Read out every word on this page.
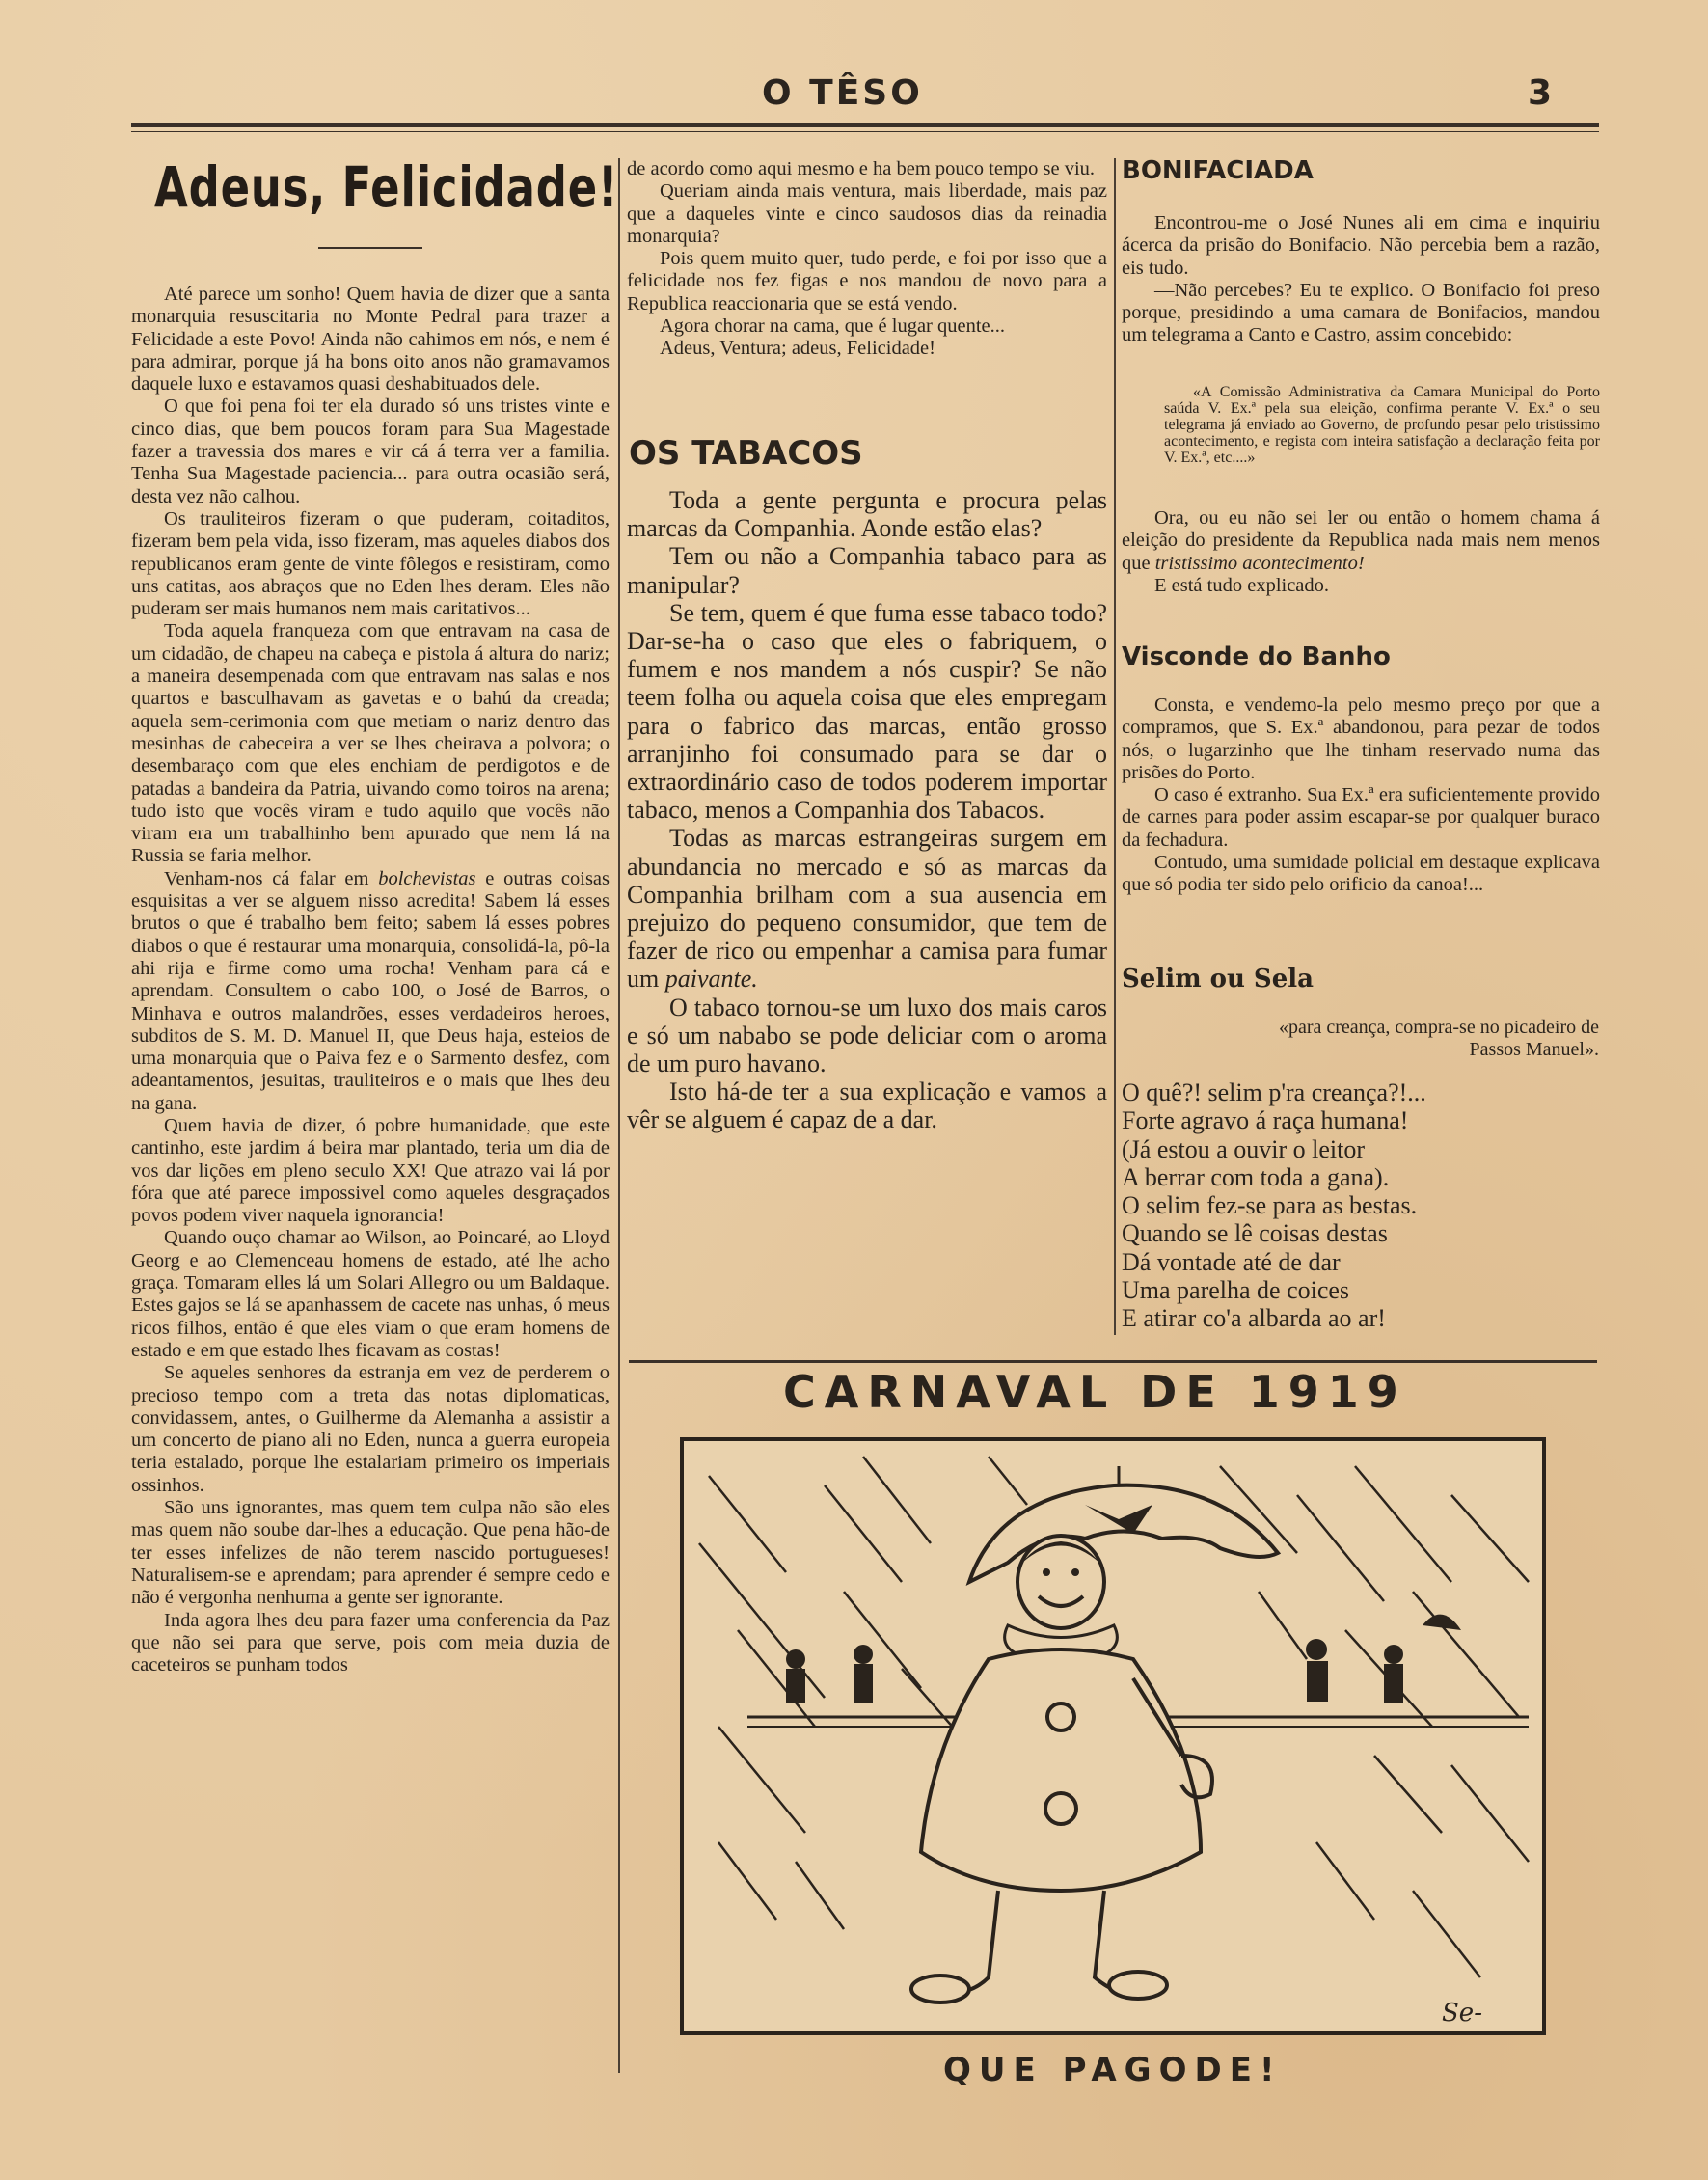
O TÊSO	3
Adeus, Felicidade!

Até parece um sonho! Quem havia de dizer que a santa monarquia resuscitaria no Monte Pedral para trazer a Felicidade a este Povo! Ainda não cahimos em nós, e nem é para admirar, porque já ha bons oito anos não gramavamos daquele luxo e estavamos quasi deshabituados dele.

O que foi pena foi ter ela durado só uns tristes vinte e cinco dias, que bem poucos foram para Sua Magestade fazer a travessia dos mares e vir cá á terra ver a familia. Tenha Sua Magestade paciencia... para outra ocasião será, desta vez não calhou.

Os trauliteiros fizeram o que puderam, coitaditos, fizeram bem pela vida, isso fizeram, mas aqueles diabos dos republicanos eram gente de vinte fôlegos e resistiram, como uns catitas, aos abraços que no Eden lhes deram. Eles não puderam ser mais humanos nem mais caritativos...

Toda aquela franqueza com que entravam na casa de um cidadão, de chapeu na cabeça e pistola á altura do nariz; a maneira desempenada com que entravam nas salas e nos quartos e basculhavam as gavetas e o bahú da creada; aquela sem-cerimonia com que metiam o nariz dentro das mesinhas de cabeceira a ver se lhes cheirava a polvora; o desembaraço com que eles enchiam de perdigotos e de patadas a bandeira da Patria, uivando como toiros na arena; tudo isto que vocês viram e tudo aquilo que vocês não viram era um trabalhinho bem apurado que nem lá na Russia se faria melhor.

Venham-nos cá falar em bolchevistas e outras coisas esquisitas a ver se alguem nisso acredita! Sabem lá esses brutos o que é trabalho bem feito; sabem lá esses pobres diabos o que é restaurar uma monarquia, consolidá-la, pô-la ahi rija e firme como uma rocha! Venham para cá e aprendam. Consultem o cabo 100, o José de Barros, o Minhava e outros malandrões, esses verdadeiros heroes, subditos de S. M. D. Manuel II, que Deus haja, esteios de uma monarquia que o Paiva fez e o Sarmento desfez, com adeantamentos, jesuitas, trauliteiros e o mais que lhes deu na gana.

Quem havia de dizer, ó pobre humanidade, que este cantinho, este jardim á beira mar plantado, teria um dia de vos dar lições em pleno seculo XX! Que atrazo vai lá por fóra que até parece impossivel como aqueles desgraçados povos podem viver naquela ignorancia!

Quando ouço chamar ao Wilson, ao Poincaré, ao Lloyd Georg e ao Clemenceau homens de estado, até lhe acho graça. Tomaram elles lá um Solari Allegro ou um Baldaque. Estes gajos se lá se apanhassem de cacete nas unhas, ó meus ricos filhos, então é que eles viam o que eram homens de estado e em que estado lhes ficavam as costas!

Se aqueles senhores da estranja em vez de perderem o precioso tempo com a treta das notas diplomaticas, convidassem, antes, o Guilherme da Alemanha a assistir a um concerto de piano ali no Eden, nunca a guerra europeia teria estalado, porque lhe estalariam primeiro os imperiais ossinhos.

São uns ignorantes, mas quem tem culpa não são eles mas quem não soube dar-lhes a educação. Que pena hão-de ter esses infelizes de não terem nascido portugueses! Naturalisem-se e aprendam; para aprender é sempre cedo e não é vergonha nenhuma a gente ser ignorante.

Inda agora lhes deu para fazer uma conferencia da Paz que não sei para que serve, pois com meia duzia de caceteiros se punham todos

de acordo como aqui mesmo e ha bem pouco tempo se viu.

Queriam ainda mais ventura, mais liberdade, mais paz que a daqueles vinte e cinco saudosos dias da reinadia monarquia?

Pois quem muito quer, tudo perde, e foi por isso que a felicidade nos fez figas e nos mandou de novo para a Republica reaccionaria que se está vendo.

Agora chorar na cama, que é lugar quente...

Adeus, Ventura; adeus, Felicidade!

OS TABACOS

Toda a gente pergunta e procura pelas marcas da Companhia. Aonde estão elas?

Tem ou não a Companhia tabaco para as manipular?

Se tem, quem é que fuma esse tabaco todo? Dar-se-ha o caso que eles o fabriquem, o fumem e nos mandem a nós cuspir? Se não teem folha ou aquela coisa que eles empregam para o fabrico das marcas, então grosso arranjinho foi consumado para se dar o extraordinário caso de todos poderem importar tabaco, menos a Companhia dos Tabacos.

Todas as marcas estrangeiras surgem em abundancia no mercado e só as marcas da Companhia brilham com a sua ausencia em prejuizo do pequeno consumidor, que tem de fazer de rico ou empenhar a camisa para fumar um paivante.

O tabaco tornou-se um luxo dos mais caros e só um nababo se pode deliciar com o aroma de um puro havano.

Isto há-de ter a sua explicação e vamos a vêr se alguem é capaz de a dar.

BONIFACIADA

Encontrou-me o José Nunes ali em cima e inquiriu ácerca da prisão do Bonifacio. Não percebia bem a razão, eis tudo.

—Não percebes? Eu te explico. O Bonifacio foi preso porque, presidindo a uma camara de Bonifacios, mandou um telegrama a Canto e Castro, assim concebido:

«A Comissão Administrativa da Camara Municipal do Porto saúda V. Ex.ª pela sua eleição, confirma perante V. Ex.ª o seu telegrama já enviado ao Governo, de profundo pesar pelo tristissimo acontecimento, e regista com inteira satisfação a declaração feita por V. Ex.ª, etc....»

Ora, ou eu não sei ler ou então o homem chama á eleição do presidente da Republica nada mais nem menos que tristissimo acontecimento!

E está tudo explicado.

Visconde do Banho

Consta, e vendemo-la pelo mesmo preço por que a compramos, que S. Ex.ª abandonou, para pezar de todos nós, o lugarzinho que lhe tinham reservado numa das prisões do Porto.

O caso é extranho. Sua Ex.ª era suficientemente provido de carnes para poder assim escapar-se por qualquer buraco da fechadura.

Contudo, uma sumidade policial em destaque explicava que só podia ter sido pelo orificio da canoa!...

Selim ou Sela
«para creança, compra-se no picadeiro de Passos Manuel».
O quê?! selim p'ra creança?!...
Forte agravo á raça humana!
(Já estou a ouvir o leitor
A berrar com toda a gana).
O selim fez-se para as bestas.
Quando se lê coisas destas
Dá vontade até de dar
Uma parelha de coices
E atirar co'a albarda ao ar!
CARNAVAL DE 1919
Se-
QUE PAGODE!
